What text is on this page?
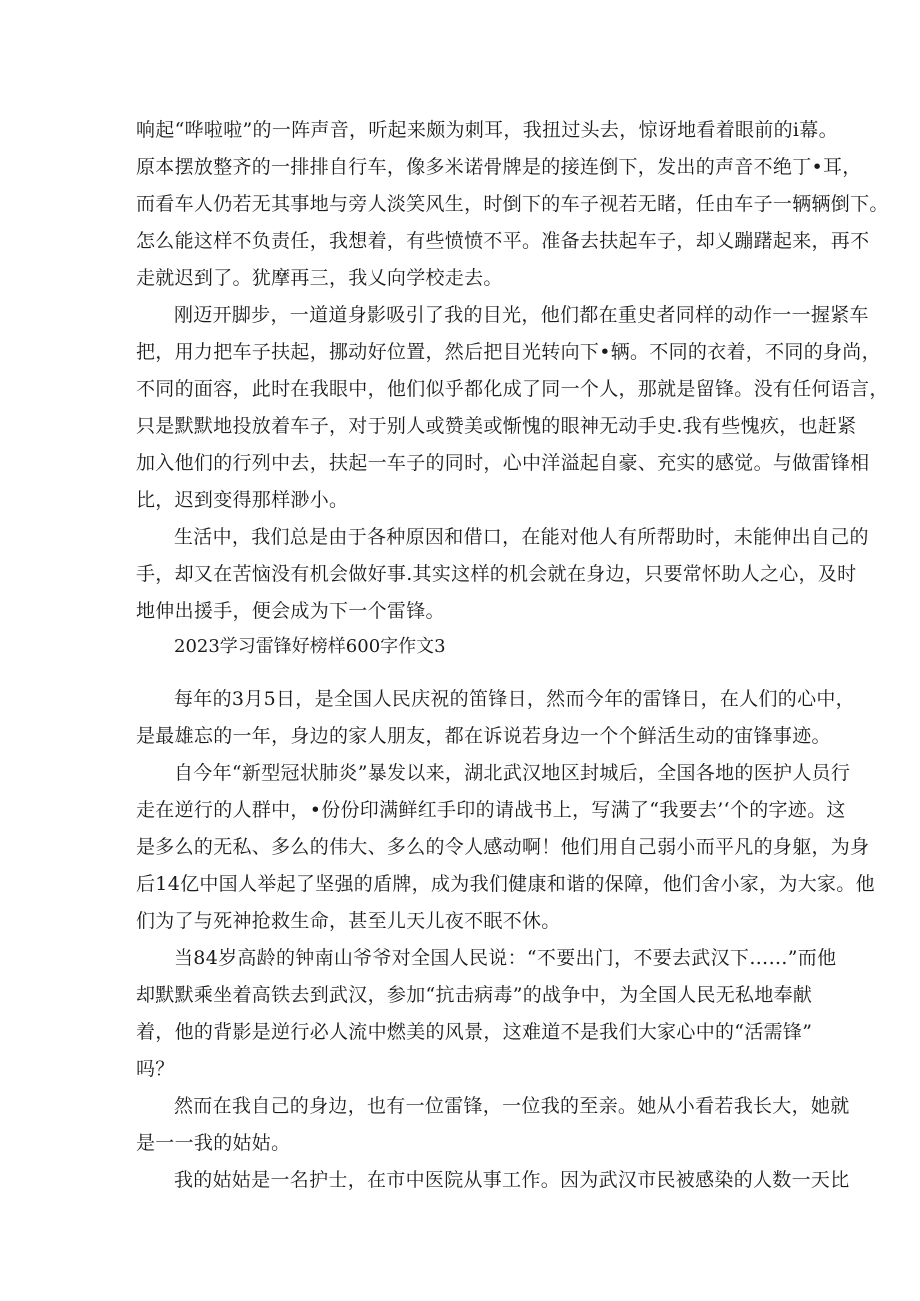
响起“哗啦啦”的一阵声音，听起来颇为刺耳，我扭过头去，惊讶地看着眼前的i幕。
原本摆放整齐的一排排自行车，像多米诺骨牌是的接连倒下，发出的声音不绝丁•耳，
而看车人仍若无其事地与旁人淡笑风生，时倒下的车子视若无睹，任由车子一辆辆倒下。
怎么能这样不负责任，我想着，有些愤愤不平。准备去扶起车子，却乂蹦躇起来，再不
走就迟到了。犹摩再三，我乂向学校走去。
刚迈开脚步，一道道身影吸引了我的目光，他们都在重史者同样的动作一一握紧车
把，用力把车子扶起，挪动好位置，然后把目光转向下•辆。不同的衣着，不同的身尚，
不同的面容，此时在我眼中，他们似乎都化成了同一个人，那就是留锋。没有任何语言，
只是默默地投放着车子，对于别人或赞美或惭愧的眼神无动手史.我有些愧疚，也赶紧
加入他们的行列中去，扶起一车子的同时，心中洋溢起自豪、充实的感觉。与做雷锋相
比，迟到变得那样渺小。
生活中，我们总是由于各种原因和借口，在能对他人有所帮助时，未能伸出自己的
手，却又在苦恼没有机会做好事.其实这样的机会就在身边，只要常怀助人之心，及时
地伸出援手，便会成为下一个雷锋。
2023学习雷锋好榜样600字作文3
每年的3月5日，是全国人民庆祝的笛锋日，然而今年的雷锋日，在人们的心中，
是最雄忘的一年，身边的家人朋友，都在诉说若身边一个个鲜活生动的宙锋事迹。
自今年“新型冠状肺炎”暴发以来，湖北武汉地区封城后，全国各地的医护人员行
走在逆行的人群中，•份份印满鲜红手印的请战书上，写满了“我要去’‘个的字迹。这
是多么的无私、多么的伟大、多么的令人感动啊！他们用自己弱小而平凡的身躯，为身
后14亿中国人举起了坚强的盾牌，成为我们健康和谐的保障，他们舍小家，为大家。他
们为了与死神抢救生命，甚至儿天儿夜不眠不休。
当84岁高龄的钟南山爷爷对全国人民说：“不要出门，不要去武汉下……”而他
却默默乘坐着高铁去到武汉，参加“抗击病毒”的战争中，为全国人民无私地奉献
着，他的背影是逆行必人流中燃美的风景，这难道不是我们大家心中的“活需锋”
吗？
然而在我自己的身边，也有一位雷锋，一位我的至亲。她从小看若我长大，她就
是一一我的姑姑。
我的姑姑是一名护士，在市中医院从事工作。因为武汉市民被感染的人数一天比
